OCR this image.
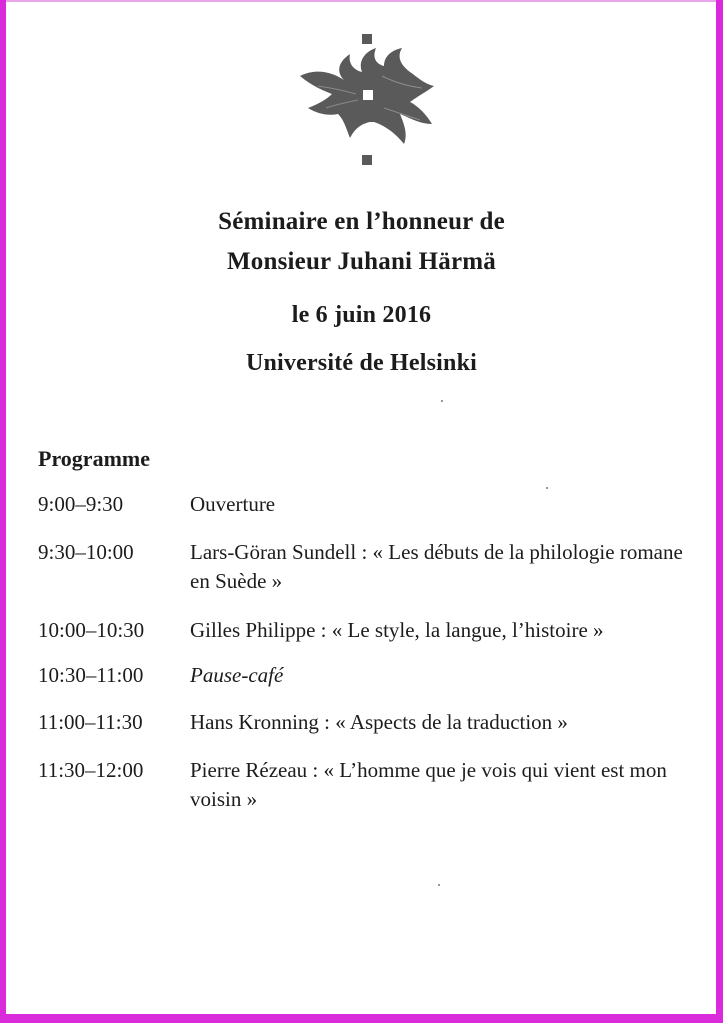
Séminaire en l’honneur de
Monsieur Juhani Härmä
le 6 juin 2016
Université de Helsinki
Programme
9:00–9:30	Ouverture
9:30–10:00	Lars-Göran Sundell : « Les débuts de la philologie romane en Suède »
10:00–10:30	Gilles Philippe : « Le style, la langue, l’histoire »
10:30–11:00	Pause-café
11:00–11:30	Hans Kronning : « Aspects de la traduction »
11:30–12:00	Pierre Rézeau : « L’homme que je vois qui vient est mon voisin »
